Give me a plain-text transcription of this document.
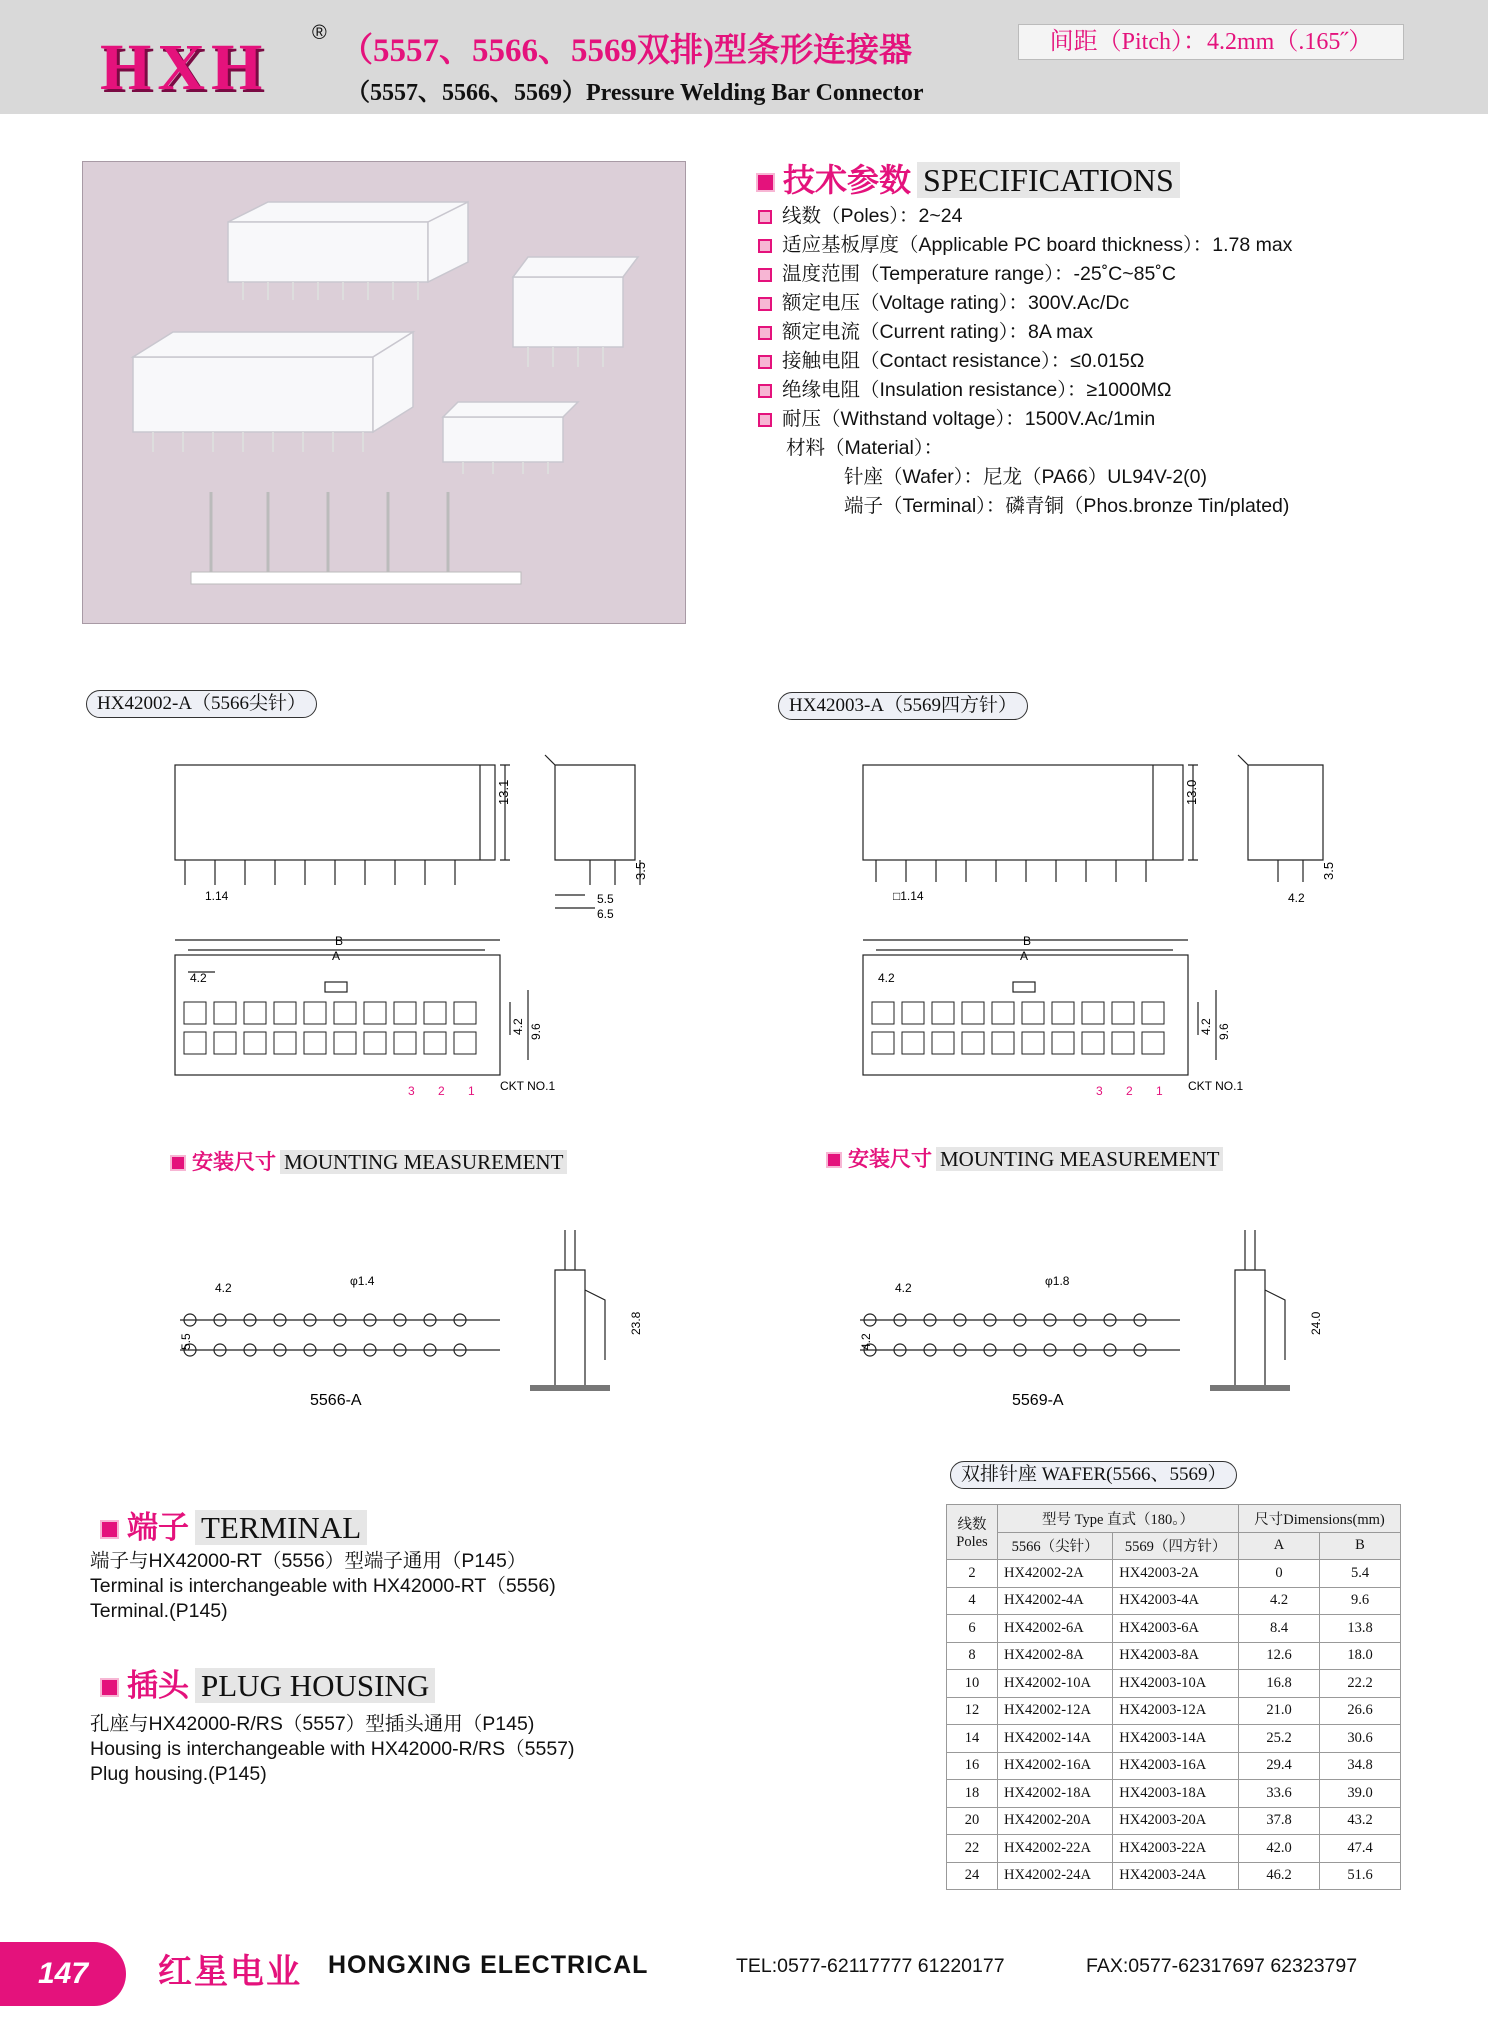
HXH ® （5557、5566、5569双排)型条形连接器
（5557、5566、5569）Pressure Welding Bar Connector
间距（Pitch）：4.2mm（.165˝）
技术参数 SPECIFICATIONS
线数（Poles）：2~24
适应基板厚度（Applicable PC board thickness）：1.78 max
温度范围（Temperature range）：-25˚C~85˚C
额定电压（Voltage rating）：300V.Ac/Dc
额定电流（Current rating）：8A max
接触电阻（Contact resistance）：≤0.015Ω
绝缘电阻（Insulation resistance）：≥1000MΩ
耐压（Withstand voltage）：1500V.Ac/1min
材料（Material）：
针座（Wafer）：尼龙（PA66）UL94V-2(0)
端子（Terminal）：磷青铜（Phos.bronze Tin/plated)
HX42002-A（5566尖针）	HX42003-A（5569四方针）
13.1
3.5
1.14	5.5
6.5
B
A
4.2
4.2 9.6
CKT NO.1
3 2 1
13.0
3.5
□1.14	4.2
B
A
4.2
4.2 9.6
CKT NO.1
3 2 1
安装尺寸 MOUNTING MEASUREMENT	安装尺寸 MOUNTING MEASUREMENT
4.2	φ1.4
5.5
23.8
5566-A
4.2	φ1.8
4.2
24.0
5569-A
端子 TERMINAL
端子与HX42000-RT（5556）型端子通用（P145）
Terminal is interchangeable with HX42000-RT（5556)
Terminal.(P145)
插头 PLUG HOUSING
孔座与HX42000-R/RS（5557）型插头通用（P145)
Housing is interchangeable with HX42000-R/RS（5557)
Plug housing.(P145)
双排针座 WAFER(5566、5569）
线数 Poles	型号 Type 直式（180。）		尺寸Dimensions(mm)	
	5566（尖针）	5569（四方针）	A	B
2	HX42002-2A	HX42003-2A	0	5.4
4	HX42002-4A	HX42003-4A	4.2	9.6
6	HX42002-6A	HX42003-6A	8.4	13.8
8	HX42002-8A	HX42003-8A	12.6	18.0
10	HX42002-10A	HX42003-10A	16.8	22.2
12	HX42002-12A	HX42003-12A	21.0	26.6
14	HX42002-14A	HX42003-14A	25.2	30.6
16	HX42002-16A	HX42003-16A	29.4	34.8
18	HX42002-18A	HX42003-18A	33.6	39.0
20	HX42002-20A	HX42003-20A	37.8	43.2
22	HX42002-22A	HX42003-22A	42.0	47.4
24	HX42002-24A	HX42003-24A	46.2	51.6
147	红星电业 HONGXING ELECTRICAL	TEL:0577-62117777 61220177	FAX:0577-62317697 62323797
